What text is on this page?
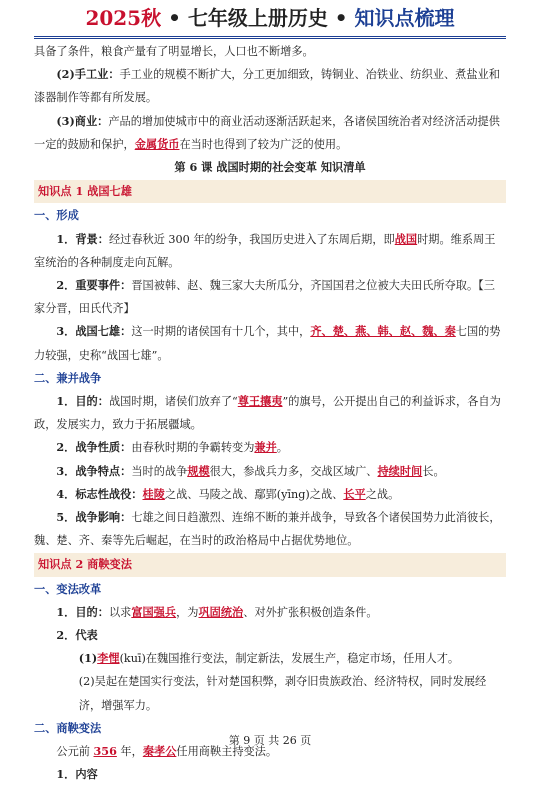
2025秋 • 七年级上册历史 • 知识点梳理

具备了条件，粮食产量有了明显增长，人口也不断增多。

(2)手工业：手工业的规模不断扩大，分工更加细致，铸铜业、冶铁业、纺织业、煮盐业和漆器制作等都有所发展。

(3)商业：产品的增加使城市中的商业活动逐渐活跃起来，各诸侯国统治者对经济活动提供一定的鼓励和保护，金属货币在当时也得到了较为广泛的使用。

第 6 课 战国时期的社会变革 知识清单

知识点 1 战国七雄

一、形成

1．背景：经过春秋近 300 年的纷争，我国历史进入了东周后期，即战国时期。维系周王室统治的各种制度走向瓦解。

2．重要事件：晋国被韩、赵、魏三家大夫所瓜分，齐国国君之位被大夫田氏所夺取。【三家分晋，田氏代齐】

3．战国七雄：这一时期的诸侯国有十几个，其中，齐、楚、燕、韩、赵、魏、秦七国的势力较强，史称“战国七雄”。

二、兼并战争

1．目的：战国时期，诸侯们放弃了“尊王攘夷”的旗号，公开提出自己的利益诉求，各自为政，发展实力，致力于拓展疆域。

2．战争性质：由春秋时期的争霸转变为兼并。

3．战争特点：当时的战争规模很大，参战兵力多，交战区域广、持续时间长。

4．标志性战役：桂陵之战、马陵之战、鄢郢(yīng)之战、长平之战。

5．战争影响：七雄之间日趋激烈、连绵不断的兼并战争，导致各个诸侯国势力此消彼长，魏、楚、齐、秦等先后崛起，在当时的政治格局中占据优势地位。

知识点 2 商鞅变法

一、变法改革

1．目的：以求富国强兵，为巩固统治、对外扩张积极创造条件。

2．代表

(1)李悝(kuī)在魏国推行变法，制定新法，发展生产，稳定市场，任用人才。

(2)吴起在楚国实行变法，针对楚国积弊，剥夺旧贵族政治、经济特权，同时发展经济，增强军力。

二、商鞅变法

公元前 356 年，秦孝公任用商鞅主持变法。

1．内容

第 9 页 共 26 页
